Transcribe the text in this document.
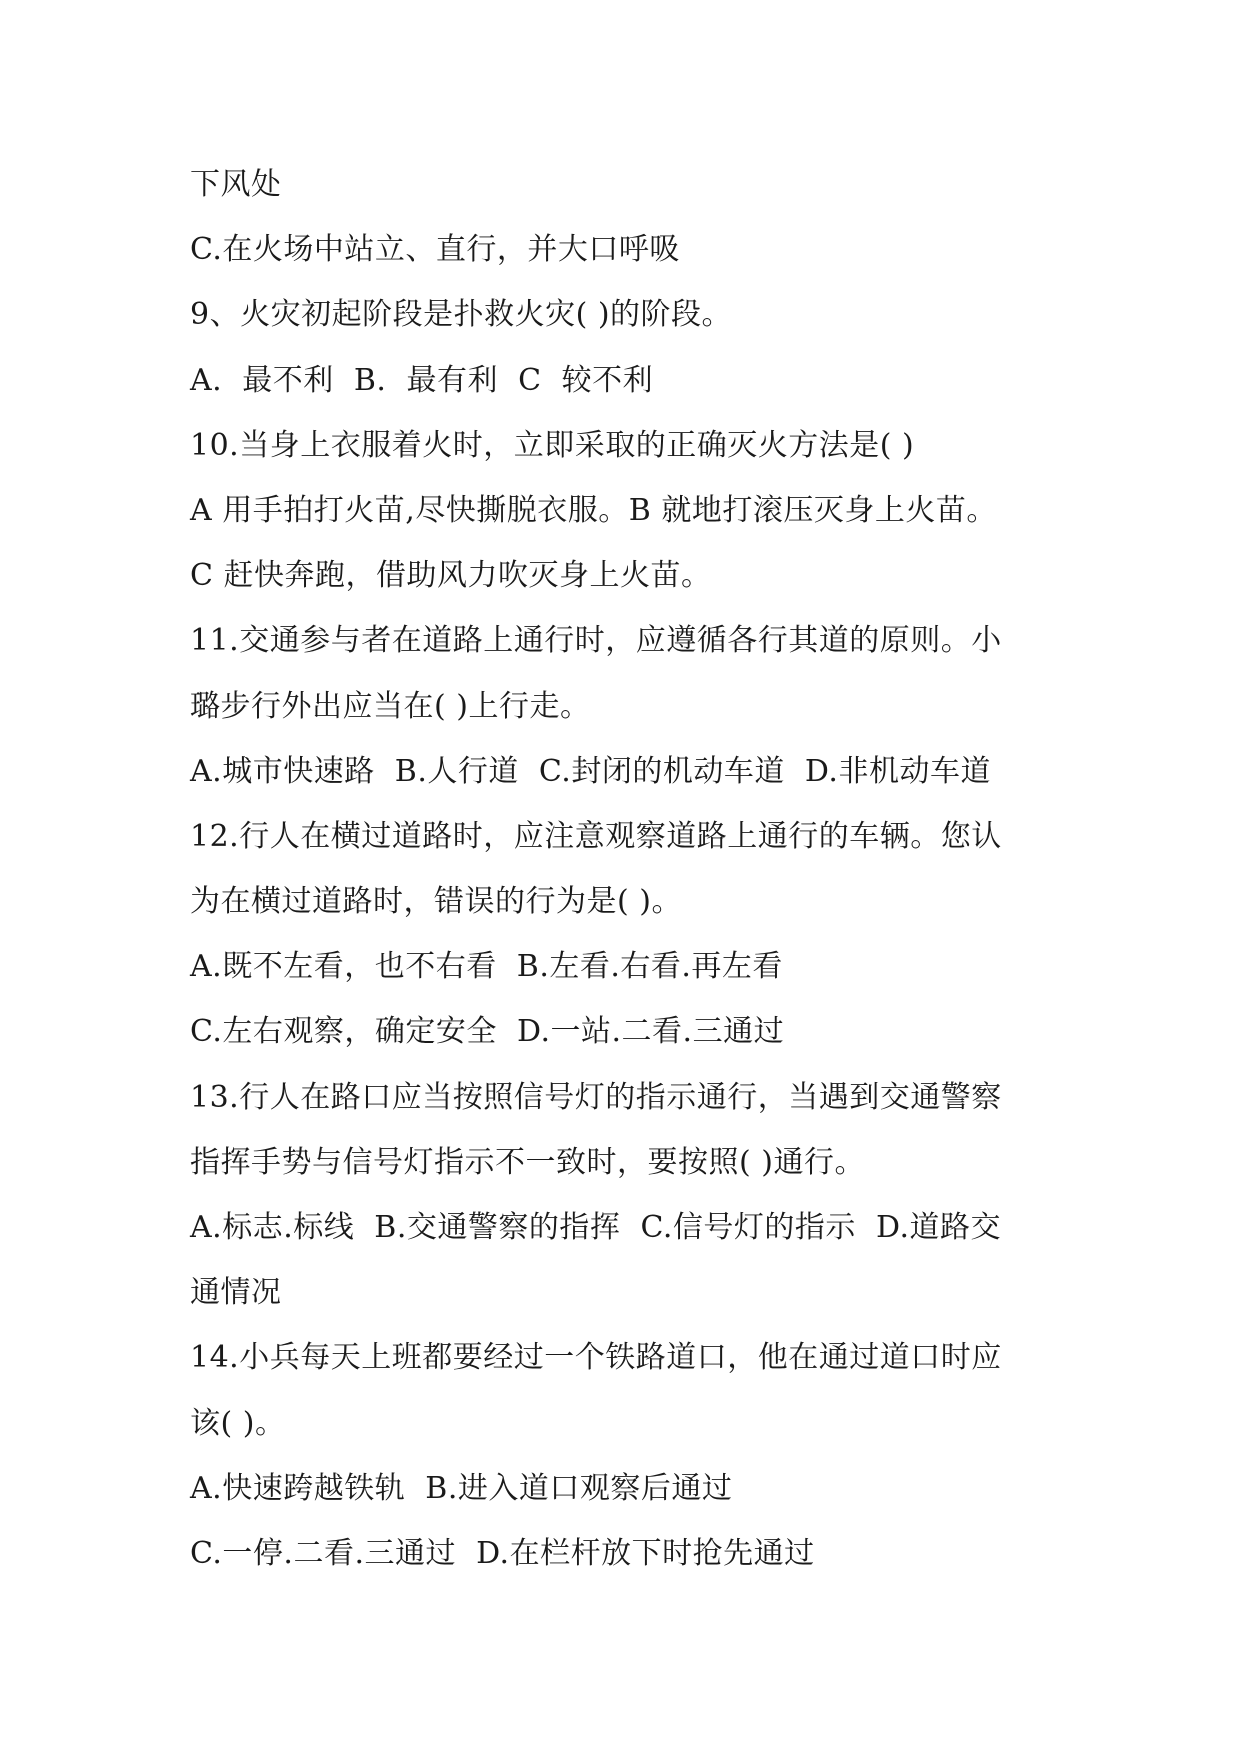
下风处
C.在火场中站立、直行，并大口呼吸
9、火灾初起阶段是扑救火灾( )的阶段。
A.  最不利  B.  最有利  C  较不利
10.当身上衣服着火时，立即采取的正确灭火方法是( )
A 用手拍打火苗,尽快撕脱衣服。B 就地打滚压灭身上火苗。
C 赶快奔跑，借助风力吹灭身上火苗。
11.交通参与者在道路上通行时，应遵循各行其道的原则。小
璐步行外出应当在( )上行走。
A.城市快速路  B.人行道  C.封闭的机动车道  D.非机动车道
12.行人在横过道路时，应注意观察道路上通行的车辆。您认
为在横过道路时，错误的行为是( )。
A.既不左看，也不右看  B.左看.右看.再左看
C.左右观察，确定安全  D.一站.二看.三通过
13.行人在路口应当按照信号灯的指示通行，当遇到交通警察
指挥手势与信号灯指示不一致时，要按照( )通行。
A.标志.标线  B.交通警察的指挥  C.信号灯的指示  D.道路交
通情况
14.小兵每天上班都要经过一个铁路道口，他在通过道口时应
该( )。
A.快速跨越铁轨  B.进入道口观察后通过
C.一停.二看.三通过  D.在栏杆放下时抢先通过
